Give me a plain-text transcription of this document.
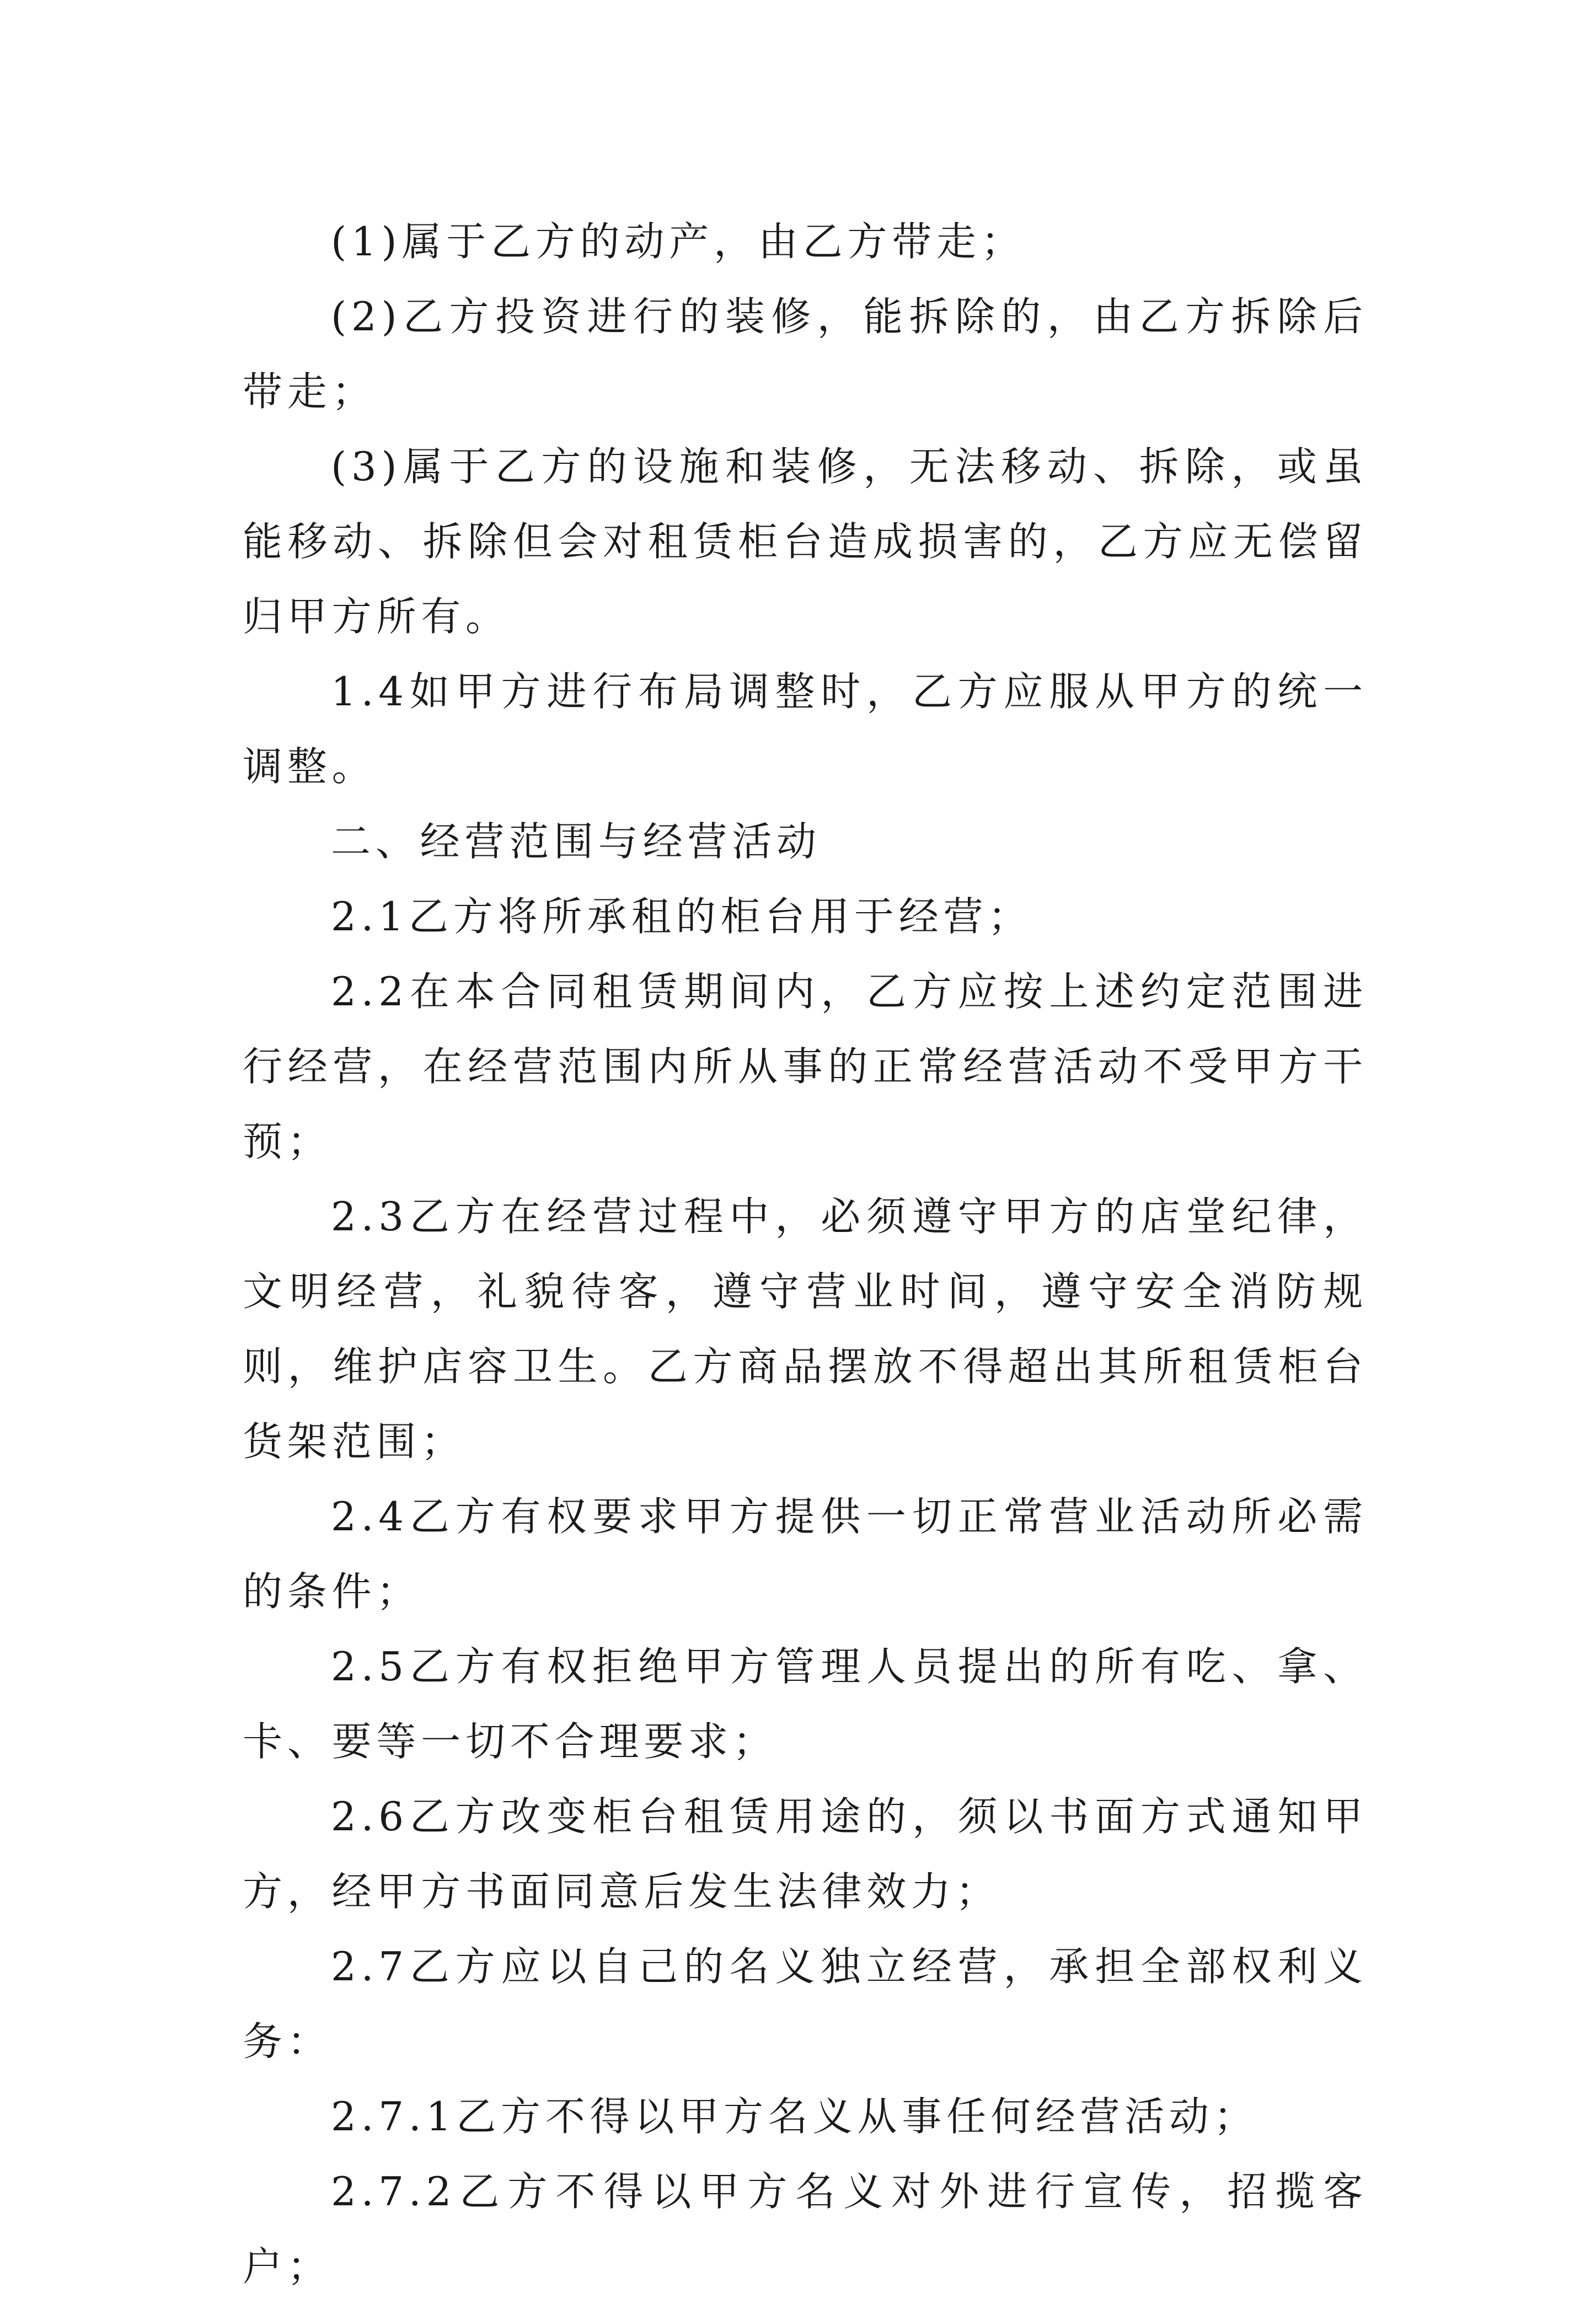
(1)属于乙方的动产，由乙方带走；

(2)乙方投资进行的装修，能拆除的，由乙方拆除后带走；

(3)属于乙方的设施和装修，无法移动、拆除，或虽能移动、拆除但会对租赁柜台造成损害的，乙方应无偿留归甲方所有。

1.4如甲方进行布局调整时，乙方应服从甲方的统一调整。

二、经营范围与经营活动

2.1乙方将所承租的柜台用于经营；

2.2在本合同租赁期间内，乙方应按上述约定范围进行经营，在经营范围内所从事的正常经营活动不受甲方干预；

2.3乙方在经营过程中，必须遵守甲方的店堂纪律，文明经营，礼貌待客，遵守营业时间，遵守安全消防规则，维护店容卫生。乙方商品摆放不得超出其所租赁柜台货架范围；

2.4乙方有权要求甲方提供一切正常营业活动所必需的条件；

2.5乙方有权拒绝甲方管理人员提出的所有吃、拿、卡、要等一切不合理要求；

2.6乙方改变柜台租赁用途的，须以书面方式通知甲方，经甲方书面同意后发生法律效力；

2.7乙方应以自己的名义独立经营，承担全部权利义务：

2.7.1乙方不得以甲方名义从事任何经营活动；

2.7.2乙方不得以甲方名义对外进行宣传，招揽客户；
